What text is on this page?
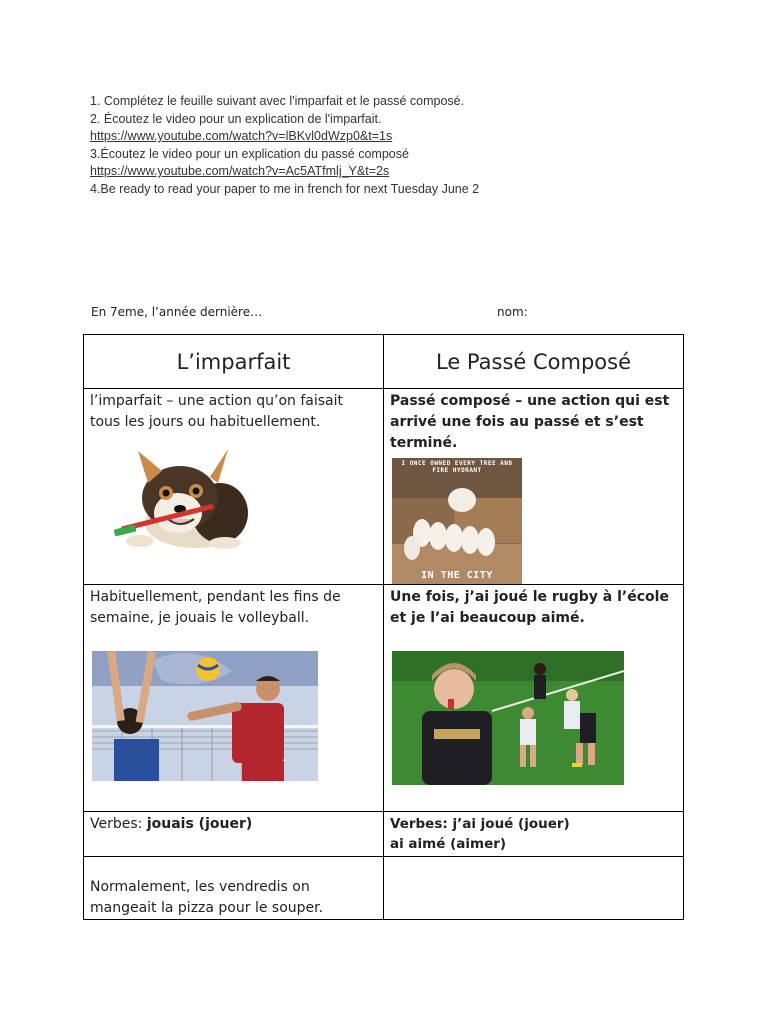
1. Complétez le feuille suivant avec l'imparfait et le passé composé.
2. Écoutez le video pour un explication de l'imparfait.
https://www.youtube.com/watch?v=lBKvl0dWzp0&t=1s
3.Écoutez le video pour un explication du passé composé
https://www.youtube.com/watch?v=Ac5ATfmlj_Y&t=2s
4.Be ready to read your paper to me in french for next Tuesday June 2
En 7eme, l’année dernière…	nom:
L’imparfait	Le Passé Composé

l’imparfait – une action qu’on faisait tous les jours ou habituellement.	Passé composé – une action qui est arrivé une fois au passé et s’est terminé.
I ONCE OWNED EVERY TREE AND FIRE HYDRANT
IN THE CITY

Habituellement, pendant les fins de semaine, je jouais le volleyball.	Une fois, j’ai joué le rugby à l’école et je l’ai beaucoup aimé.

Verbes: jouais (jouer)	Verbes: j’ai joué (jouer)
ai aimé (aimer)

Normalement, les vendredis on mangeait la pizza pour le souper.	
